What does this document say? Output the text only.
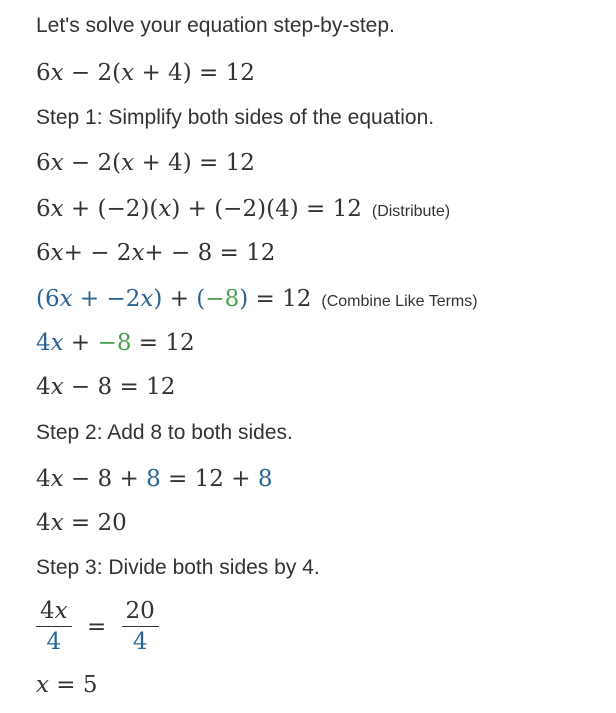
Let's solve your equation step-by-step.
6x − 2(x + 4) = 12
Step 1: Simplify both sides of the equation.
6x − 2(x + 4) = 12
6x + (−2)(x) + (−2)(4) = 12 (Distribute)
6x+ − 2x+ − 8 = 12
(6x + −2x) + (−8) = 12 (Combine Like Terms)
4x + −8 = 12
4x − 8 = 12
Step 2: Add 8 to both sides.
4x − 8 + 8 = 12 + 8
4x = 20
Step 3: Divide both sides by 4.
$\frac{4x}{4} = \frac{20}{4}$
x = 5
